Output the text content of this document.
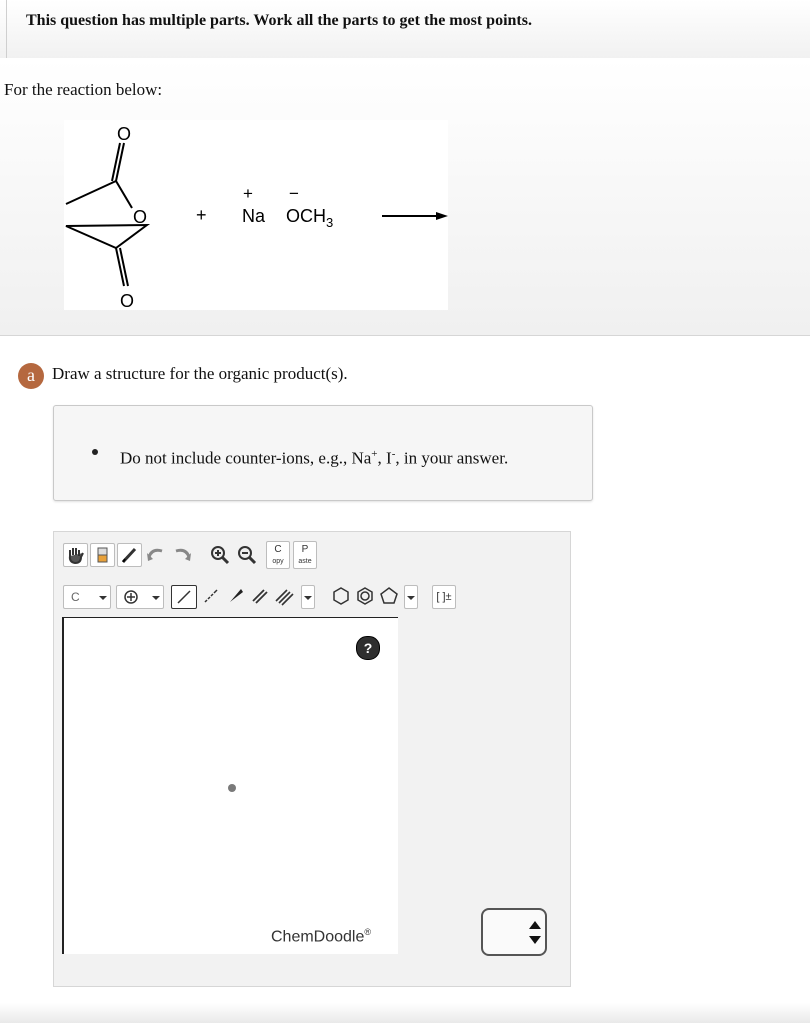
This question has multiple parts. Work all the parts to get the most points.
For the reaction below:
O
O
O
+
+
Na
−
$OCH_3$
a	Draw a structure for the organic product(s).
Do not include counter-ions, e.g., Na+, I-, in your answer.
C
opy
P
aste
C	[ ]±
?
ChemDoodle®
